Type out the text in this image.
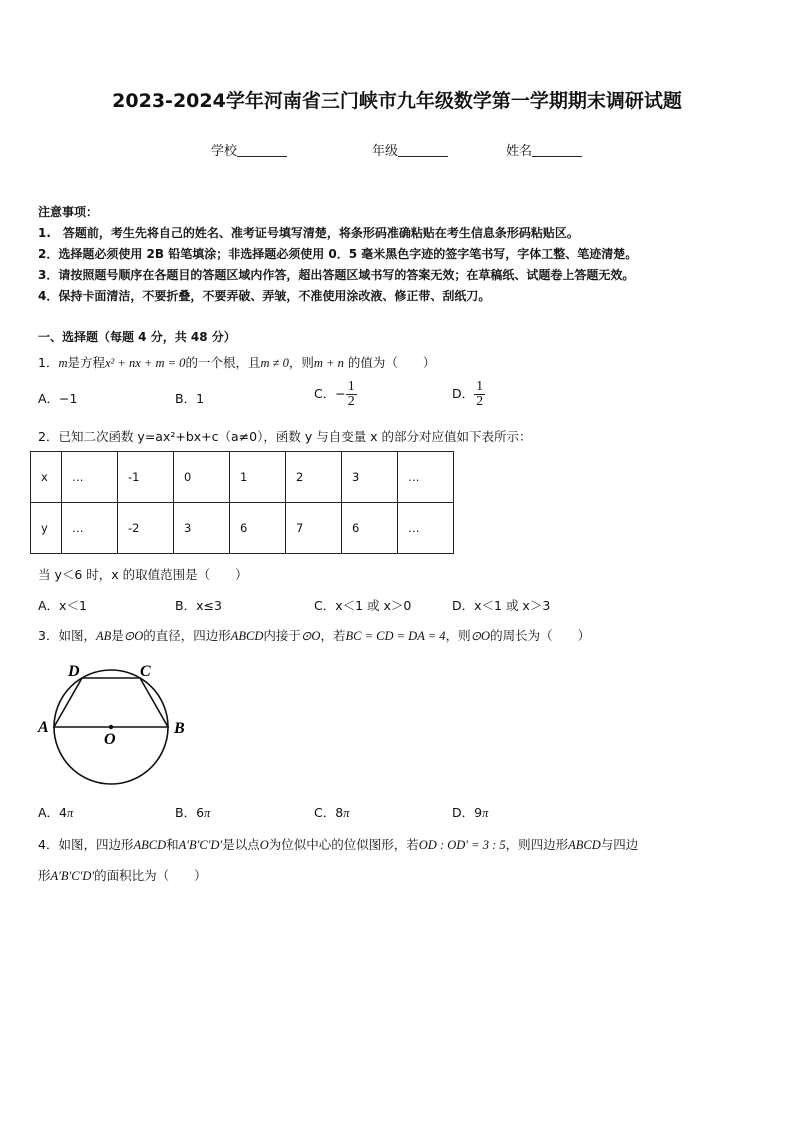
2023-2024学年河南省三门峡市九年级数学第一学期期末调研试题
学校	年级	姓名
注意事项：
1.　答题前，考生先将自己的姓名、准考证号填写清楚，将条形码准确粘贴在考生信息条形码粘贴区。
2．选择题必须使用 2B 铅笔填涂；非选择题必须使用 0．5 毫米黑色字迹的签字笔书写，字体工整、笔迹清楚。
3．请按照题号顺序在各题目的答题区域内作答，超出答题区域书写的答案无效；在草稿纸、试题卷上答题无效。
4．保持卡面清洁，不要折叠，不要弄破、弄皱，不准使用涂改液、修正带、刮纸刀。
一、选择题（每题 4 分，共 48 分）
1．m是方程x² + nx + m = 0的一个根，且m ≠ 0，则m + n 的值为（　　）
A．−1	B．1	C．− $\frac{1}{2}$	D． $\frac{1}{2}$
2．已知二次函数 y=ax²+bx+c（a≠0），函数 y 与自变量 x 的部分对应值如下表所示：
x	…	-1	0	1	2	3	…
y	…	-2	3	6	7	6	…
当 y＜6 时，x 的取值范围是（　　）
A．x＜1	B．x≤3	C．x＜1 或 x＞0	D．x＜1 或 x＞3
3．如图，AB是⊙O的直径，四边形ABCD内接于⊙O，若BC = CD = DA = 4，则⊙O的周长为（　　）
A	B
C
D
O
A．4π	B．6π	C．8π	D．9π
4．如图，四边形ABCD和A′B′C′D′是以点O为位似中心的位似图形，若OD : OD′ = 3 : 5，则四边形ABCD与四边
形A′B′C′D′的面积比为（　　）
